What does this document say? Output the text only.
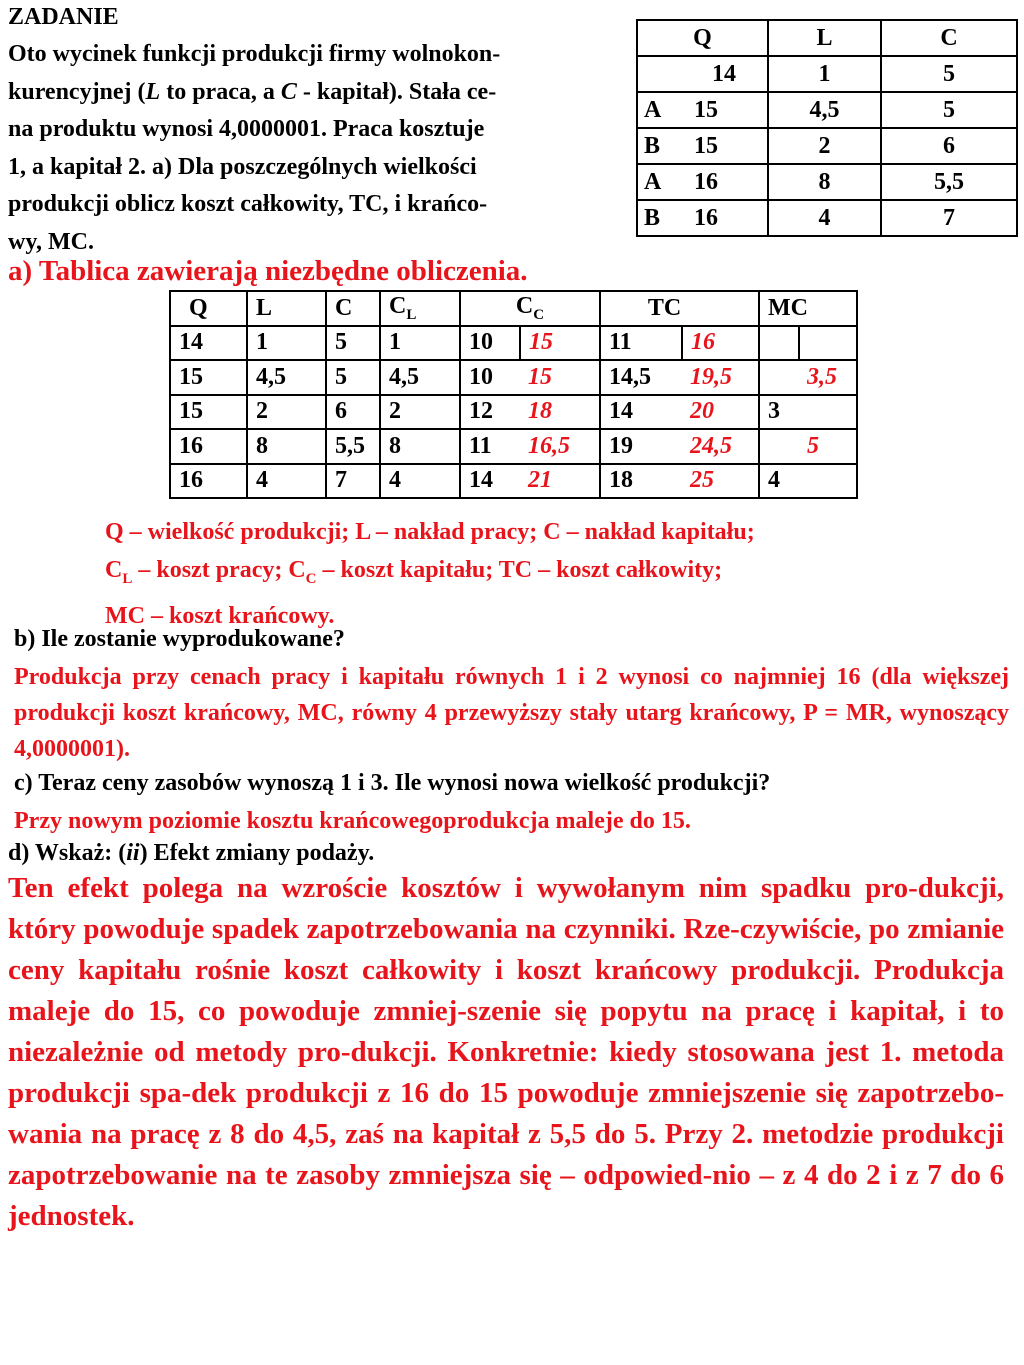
ZADANIE
Oto wycinek funkcji produkcji firmy wolnokon-
kurencyjnej (L to praca, a C - kapitał). Stała ce-
na produktu wynosi 4,0000001. Praca kosztuje
1, a kapitał 2. a) Dla poszczególnych wielkości
produkcji oblicz koszt całkowity, TC, i krańco-
wy, MC.
Q	L	C
14	1	5
A 15	4,5	5
B 15	2	6
A 16	8	5,5
B 16	4	7
a) Tablica zawierają niezbędne obliczenia.
Q	L	C	$C_L$	$C_C$		TC		MC	
14	1	5	1	10	15	11	16		
15	4,5	5	4,5	10	15	14,5	19,5		3,5
15	2	6	2	12	18	14	20	3	
16	8	5,5	8	11	16,5	19	24,5		5
16	4	7	4	14	21	18	25	4	
Q – wielkość produkcji; L – nakład pracy; C – nakład kapitału;
$C_L$ – koszt pracy; $C_C$ – koszt kapitału; TC – koszt całkowity;
MC – koszt krańcowy.
b) Ile zostanie wyprodukowane?
Produkcja przy cenach pracy i kapitału równych 1 i 2 wynosi co najmniej 16 (dla większej produkcji koszt krańcowy, MC, równy 4 przewyższy stały utarg krańcowy, P = MR, wynoszący 4,0000001).
c) Teraz ceny zasobów wynoszą 1 i 3. Ile wynosi nowa wielkość produkcji?
Przy nowym poziomie kosztu krańcowegoprodukcja maleje do 15.
d) Wskaż: (ii) Efekt zmiany podaży.
Ten efekt polega na wzroście kosztów i wywołanym nim spadku pro-dukcji, który powoduje spadek zapotrzebowania na czynniki. Rze-czywiście, po zmianie ceny kapitału rośnie koszt całkowity i koszt krańcowy produkcji. Produkcja maleje do 15, co powoduje zmniej-szenie się popytu na pracę i kapitał, i to niezależnie od metody pro-dukcji. Konkretnie: kiedy stosowana jest 1. metoda produkcji spa-dek produkcji z 16 do 15 powoduje zmniejszenie się zapotrzebo-wania na pracę z 8 do 4,5, zaś na kapitał z 5,5 do 5. Przy 2. metodzie produkcji zapotrzebowanie na te zasoby zmniejsza się – odpowied-nio – z 4 do 2 i z 7 do 6 jednostek.
